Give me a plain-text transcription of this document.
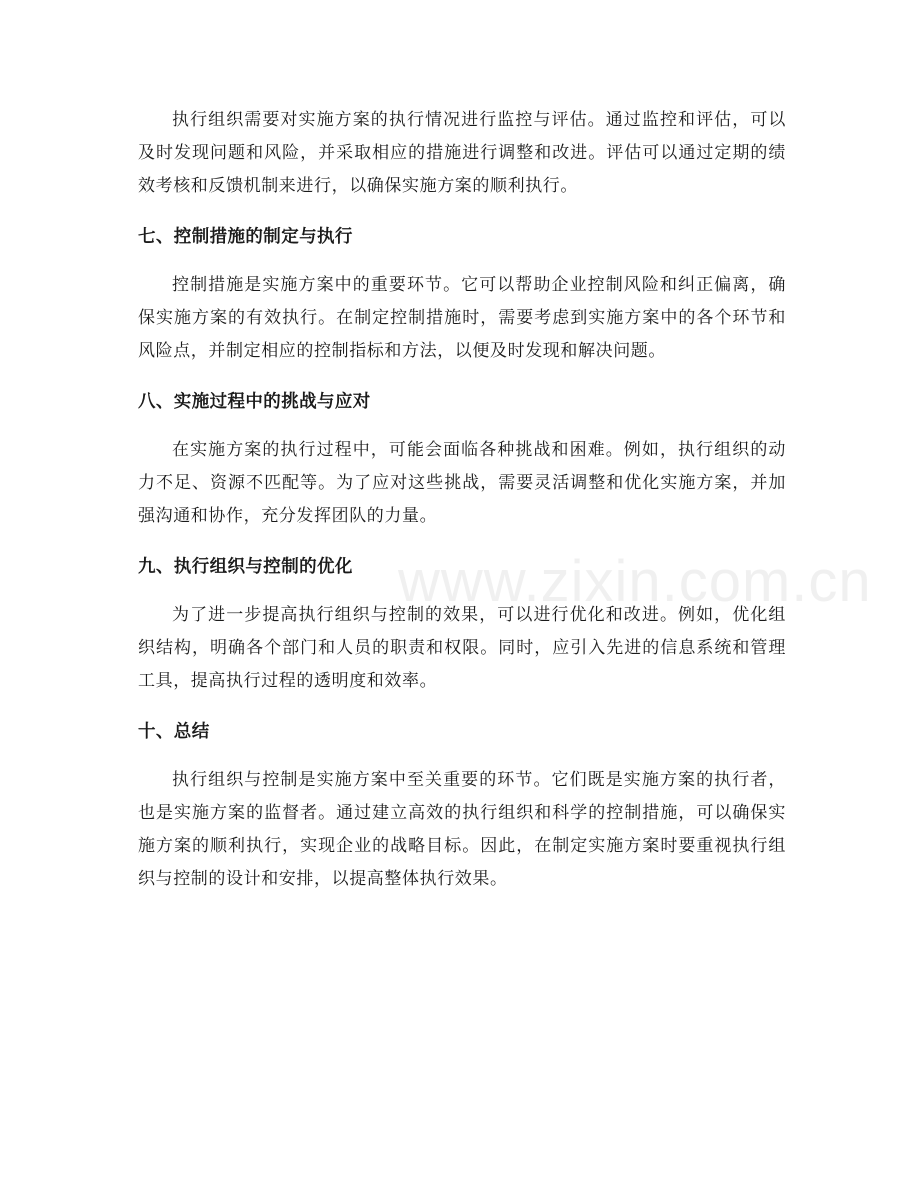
执行组织需要对实施方案的执行情况进行监控与评估。通过监控和评估，可以及时发现问题和风险，并采取相应的措施进行调整和改进。评估可以通过定期的绩效考核和反馈机制来进行，以确保实施方案的顺利执行。

七、控制措施的制定与执行

控制措施是实施方案中的重要环节。它可以帮助企业控制风险和纠正偏离，确保实施方案的有效执行。在制定控制措施时，需要考虑到实施方案中的各个环节和风险点，并制定相应的控制指标和方法，以便及时发现和解决问题。

八、实施过程中的挑战与应对

在实施方案的执行过程中，可能会面临各种挑战和困难。例如，执行组织的动力不足、资源不匹配等。为了应对这些挑战，需要灵活调整和优化实施方案，并加强沟通和协作，充分发挥团队的力量。

九、执行组织与控制的优化

为了进一步提高执行组织与控制的效果，可以进行优化和改进。例如，优化组织结构，明确各个部门和人员的职责和权限。同时，应引入先进的信息系统和管理工具，提高执行过程的透明度和效率。

十、总结

执行组织与控制是实施方案中至关重要的环节。它们既是实施方案的执行者，也是实施方案的监督者。通过建立高效的执行组织和科学的控制措施，可以确保实施方案的顺利执行，实现企业的战略目标。因此，在制定实施方案时要重视执行组织与控制的设计和安排，以提高整体执行效果。

www.zixin.com.cn
